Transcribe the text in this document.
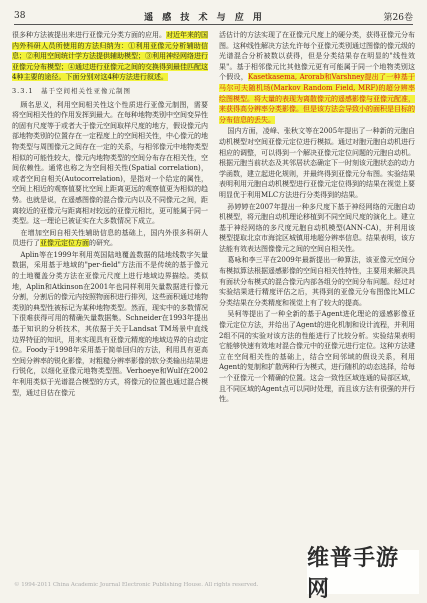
38	遥 感 技 术 与 应 用	第26卷

很多种方法被提出来进行亚像元分类方面的应用。对近年来的国内外科研人员所使用的方法归纳为：①利用亚像元分析辅助信息；②利用空间统计学方法提供辅助模型；③利用神经网络进行亚像元分布模型；④通过进行亚像元之间的交换得到最佳匹配这4种主要的途径。下面分别对这4种方法进行叙述。

3.3.1　基于空间相关性亚像元制图

顾名思义，利用空间相关性这个性质进行亚像元制图，需要将空间相关性的作用发挥到最大。在每种地物类别中空间变异性的固有尺度等于或者大于像元空间取样尺度的地方，假设像元内部地物类别的位置存在一定程度上的空间相关性，中心像元的地物类型与周围像元之间存在一定的关系，与相邻像元中地物类型相似的可能性较大，像元内地物类型的空间分布存在相关性，空间依赖性。通常也称之为空间相关性(Spatial correlation)，或者空间自相关(Autocorrelation)，是指对一个给定的属性，空间上相近的观察值要比空间上距离更远的观察值更为相似的趋势。也就是说，在遥感图像的混合像元内以及不同像元之间，距离较近的亚像元与距离相对较远的亚像元相比，更可能属于同一类型。这一理论已被证实在大多数情况下成立。

在增加空间自相关性辅助信息的基础上，国内外很多科研人员进行了亚像元定位方面的研究。

Aplin等在1999年利用英国陆地覆盖数据的陆地线数字矢量数据，采用基于地域的"per-field"方法而不是传统的基于像元的土地覆盖分类方法在亚像元尺度上进行地域边界描绘。类似地，Aplin和Atkinson在2001年也同样利用矢量数据进行像元分割，分割后的像元内按照物面积进行排列，这些面积通过地物类别的典型性被标记为某种地物类型。然而，现实中的多数情况下很难获得可用的精确矢量数据集。Schneider在1993年提出基于知识的分析技术，其依据于关于Landsat TM场景中直线边界特征的知识，用来实现具有亚像元精度的地域边界的自动定位。Foody于1998年采用基于简单回归的方法，利用具有更高空间分辨率的锐化影像，对粗糙分辨率影像的软分类输出结果进行锐化，以细化亚像元地物类型图。Verhoeye和Wulf在2002年利用类似于光谱混合模型的方式，将像元的位置也通过混合模型，通过目估在像元

活估计的方法实现了在亚像元尺度上的硬分类，获得亚像元分布图。这种线性解决方法允许每个亚像元类别通过图像的像元级的光谱混合分析被数以获得，但是分类结果存在明显的"线性效果"。基于相邻像元比其他像元更有可能属于同一个地物类别这个假设，Kasetkasema, Arorab和Varshney提出了一种基于马尔可夫随机场(Markov Random Field, MRF)的超分辨率绘图模型。将大量的表现为离散像元的遥感影像与亚像元配准，来获得高分辨率分类影像。但是该方法会导致小的面积是目标的分布信息的丢失。

国内方面，凌峰、张秋文等在2005年提出了一种新的元胞自动机模型对空间亚像元定位进行模拟。通过对胞元胞自动机进行相应的调整，可以得到一个解决亚像元定位问题的元胞自动机。根据元胞当前状态及其邻居状态确定下一时刻该元胞状态的动力学函数，建立起进化规则，并最终得到亚像元分布图。实验结果表明利用元胞自动机模型进行亚像元定位得到的结果在视觉上要明显优于利用MLC方法进行分类得到的结果。

孙婷婷在2007年提出一种多尺度下基于神经网络的元胞自动机模型，将元胞自动机理论移植到不同空间尺度的演化上。建立基于神经网络的多尺度元胞自动机模型(ANN-CA)，并利用该模型提取北京市海淀区城镇用地超分辨率信息。结果表明，该方法能有效表达图像像元之间的空间自相关性。

葛咏和李三平在2009年最新提出一种算法，该亚像元空间分布模拟算法根据遥感影像的空间自相关性特性，主要用来解决具有面状分布模式的混合像元内部各组分的空间分布问题。经过对实验结果进行精度评估之后，其得到的亚像元分布图像比MLC分类结果在分类精度和视觉上有了较大的提高。

吴柯等提出了一种全新的基于Agent进化理论的遥感影像亚像元定位方法，并给出了Agent的进化机制和设计流程，并利用2组不同的实验对该方法的性能进行了比较分析。实验结果表明它能够快速有效地对混合像元中的亚像元进行定位。这种方法建立在空间相关性的基础上，结合空间邻域的假设关系，利用Agent的复制和扩散两种行为模式，进行随机的动态选择，给每一个亚像元一个精确的位置。这会一致性区域连通的局部区域，且不同区域的Agent点可以同时处理，而且该方法有很强的并行性。

© 1994-2011 China Academic Journal Electronic Publishing House. All rights reserved.
维普手游网
